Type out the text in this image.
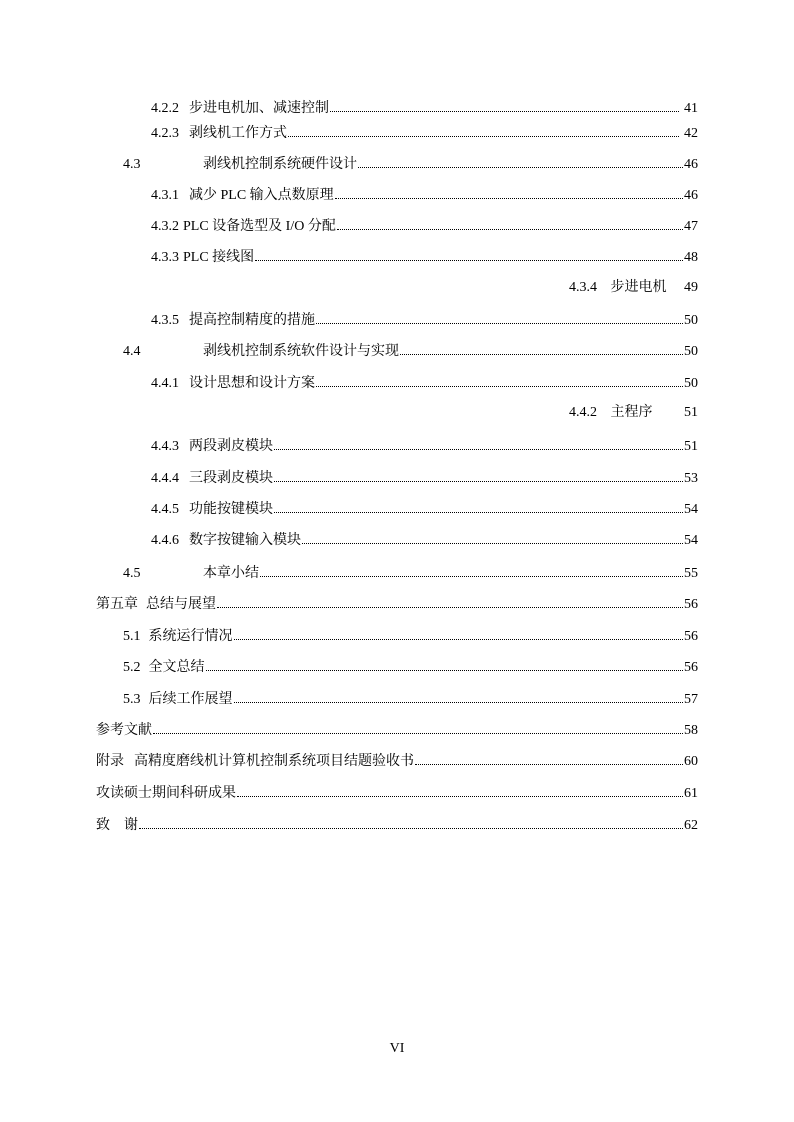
4.2.2 步进电机加、减速控制	41
4.2.3 剥线机工作方式	42
4.3	剥线机控制系统硬件设计	46
4.3.1 减少 PLC 输入点数原理	46
4.3.2 PLC 设备选型及 I/O 分配	47
4.3.3 PLC 接线图	48
4.3.4 步进电机 49
4.3.5 提高控制精度的措施	50
4.4	剥线机控制系统软件设计与实现	50
4.4.1 设计思想和设计方案	50
4.4.2 主程序 51
4.4.3 两段剥皮模块	51
4.4.4 三段剥皮模块	53
4.4.5 功能按键模块	54
4.4.6 数字按键输入模块	54
4.5	本章小结	55
第五章 总结与展望	56
5.1 系统运行情况	56
5.2 全文总结	56
5.3 后续工作展望	57
参考文献	58
附录 高精度磨线机计算机控制系统项目结题验收书	60
攻读硕士期间科研成果	61
致 谢	62
VI
